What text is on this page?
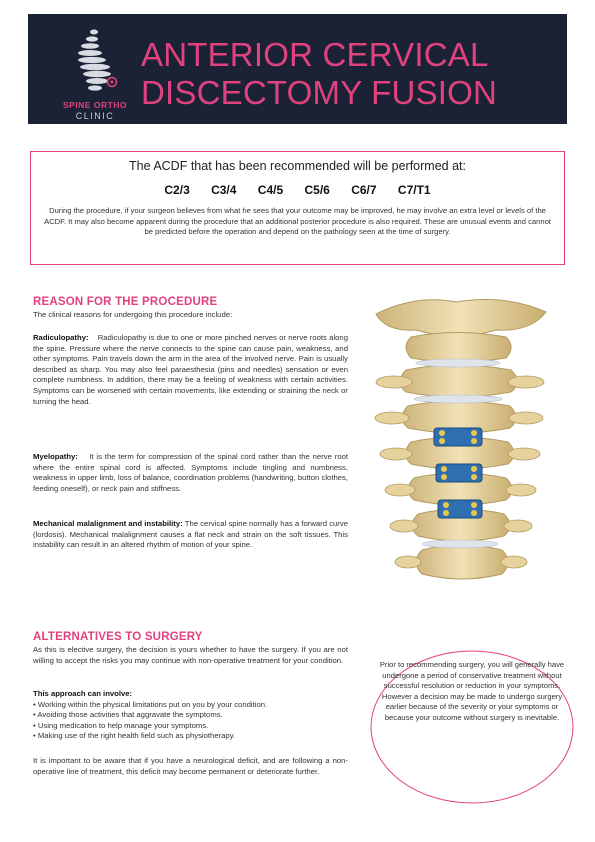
SPINE ORTHO
CLINIC
ANTERIOR CERVICAL
DISCECTOMY FUSION
The ACDF that has been recommended will be performed at:
C2/3 C3/4 C4/5 C5/6 C6/7 C7/T1
During the procedure, if your surgeon believes from what he sees that your outcome may be improved, he may involve an extra level or levels of the ACDF. It may also become apparent during the procedure that an additional posterior procedure is also required. These are unusual events and cannot be predicted before the operation and depend on the pathology seen at the time of surgery.
REASON FOR THE PROCEDURE
The clinical reasons for undergoing this procedure include:
Radiculopathy: Radiculopathy is due to one or more pinched nerves or nerve roots along the spine. Pressure where the nerve connects to the spine can cause pain, weakness, and other symptoms. Pain travels down the arm in the area of the involved nerve. Pain is usually described as sharp. You may also feel paraesthesia (pins and needles) sensation or even complete numbness. In addition, there may be a feeling of weakness with certain activities. Symptoms can be worsened with certain movements, like extending or straining the neck or turning the head.
Myelopathy: It is the term for compression of the spinal cord rather than the nerve root where the entire spinal cord is affected. Symptoms include tingling and numbness, weakness in upper limb, loss of balance, coordination problems (handwriting, button clothes, feeding oneself), or neck pain and stiffness.
Mechanical malalignment and instability: The cervical spine normally has a forward curve (lordosis). Mechanical malalignment causes a flat neck and strain on the soft tissues. This instability can result in an altered rhythm of motion of your spine.
ALTERNATIVES TO SURGERY
As this is elective surgery, the decision is yours whether to have the surgery. If you are not willing to accept the risks you may continue with non-operative treatment for your condition.
This approach can involve:
• Working within the physical limitations put on you by your condition.
• Avoiding those activities that aggravate the symptoms.
• Using medication to help manage your symptoms.
• Making use of the right health field such as physiotherapy.
It is important to be aware that if you have a neurological deficit, and are following a non-operative line of treatment, this deficit may become permanent or deteriorate further.
Prior to recommending surgery, you will generally have undergone a period of conservative treatment without successful resolution or reduction in your symptoms. However a decision may be made to undergo surgery earlier because of the severity or your symptoms or because your outcome without surgery is inevitable.
